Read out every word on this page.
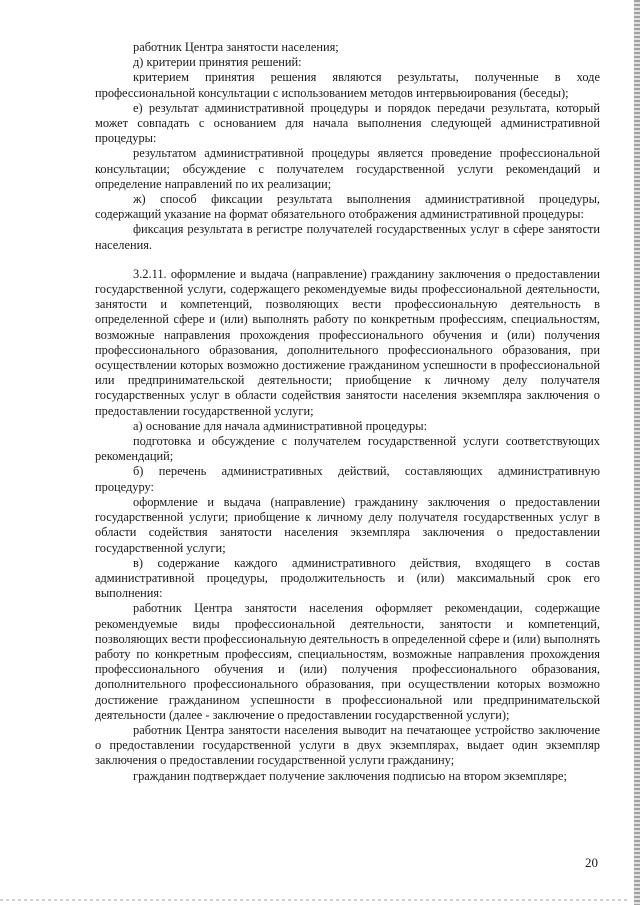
работник Центра занятости населения;

д) критерии принятия решений:

критерием принятия решения являются результаты, полученные в ходе профессиональной консультации с использованием методов интервьюирования (беседы);

е) результат административной процедуры и порядок передачи результата, который может совпадать с основанием для начала выполнения следующей административной процедуры:

результатом административной процедуры является проведение профессиональной консультации; обсуждение с получателем государственной услуги рекомендаций и определение направлений по их реализации;

ж) способ фиксации результата выполнения административной процедуры, содержащий указание на формат обязательного отображения административной процедуры:

фиксация результата в регистре получателей государственных услуг в сфере занятости населения.

3.2.11. оформление и выдача (направление) гражданину заключения о предоставлении государственной услуги, содержащего рекомендуемые виды профессиональной деятельности, занятости и компетенций, позволяющих вести профессиональную деятельность в определенной сфере и (или) выполнять работу по конкретным профессиям, специальностям, возможные направления прохождения профессионального обучения и (или) получения профессионального образования, дополнительного профессионального образования, при осуществлении которых возможно достижение гражданином успешности в профессиональной или предпринимательской деятельности; приобщение к личному делу получателя государственных услуг в области содействия занятости населения экземпляра заключения о предоставлении государственной услуги;

а) основание для начала административной процедуры:

подготовка и обсуждение с получателем государственной услуги соответствующих рекомендаций;

б) перечень административных действий, составляющих административную процедуру:

оформление и выдача (направление) гражданину заключения о предоставлении государственной услуги; приобщение к личному делу получателя государственных услуг в области содействия занятости населения экземпляра заключения о предоставлении государственной услуги;

в) содержание каждого административного действия, входящего в состав административной процедуры, продолжительность и (или) максимальный срок его выполнения:

работник Центра занятости населения оформляет рекомендации, содержащие рекомендуемые виды профессиональной деятельности, занятости и компетенций, позволяющих вести профессиональную деятельность в определенной сфере и (или) выполнять работу по конкретным профессиям, специальностям, возможные направления прохождения профессионального обучения и (или) получения профессионального образования, дополнительного профессионального образования, при осуществлении которых возможно достижение гражданином успешности в профессиональной или предпринимательской деятельности (далее - заключение о предоставлении государственной услуги);

работник Центра занятости населения выводит на печатающее устройство заключение о предоставлении государственной услуги в двух экземплярах, выдает один экземпляр заключения о предоставлении государственной услуги гражданину;

гражданин подтверждает получение заключения подписью на втором экземпляре;

20
